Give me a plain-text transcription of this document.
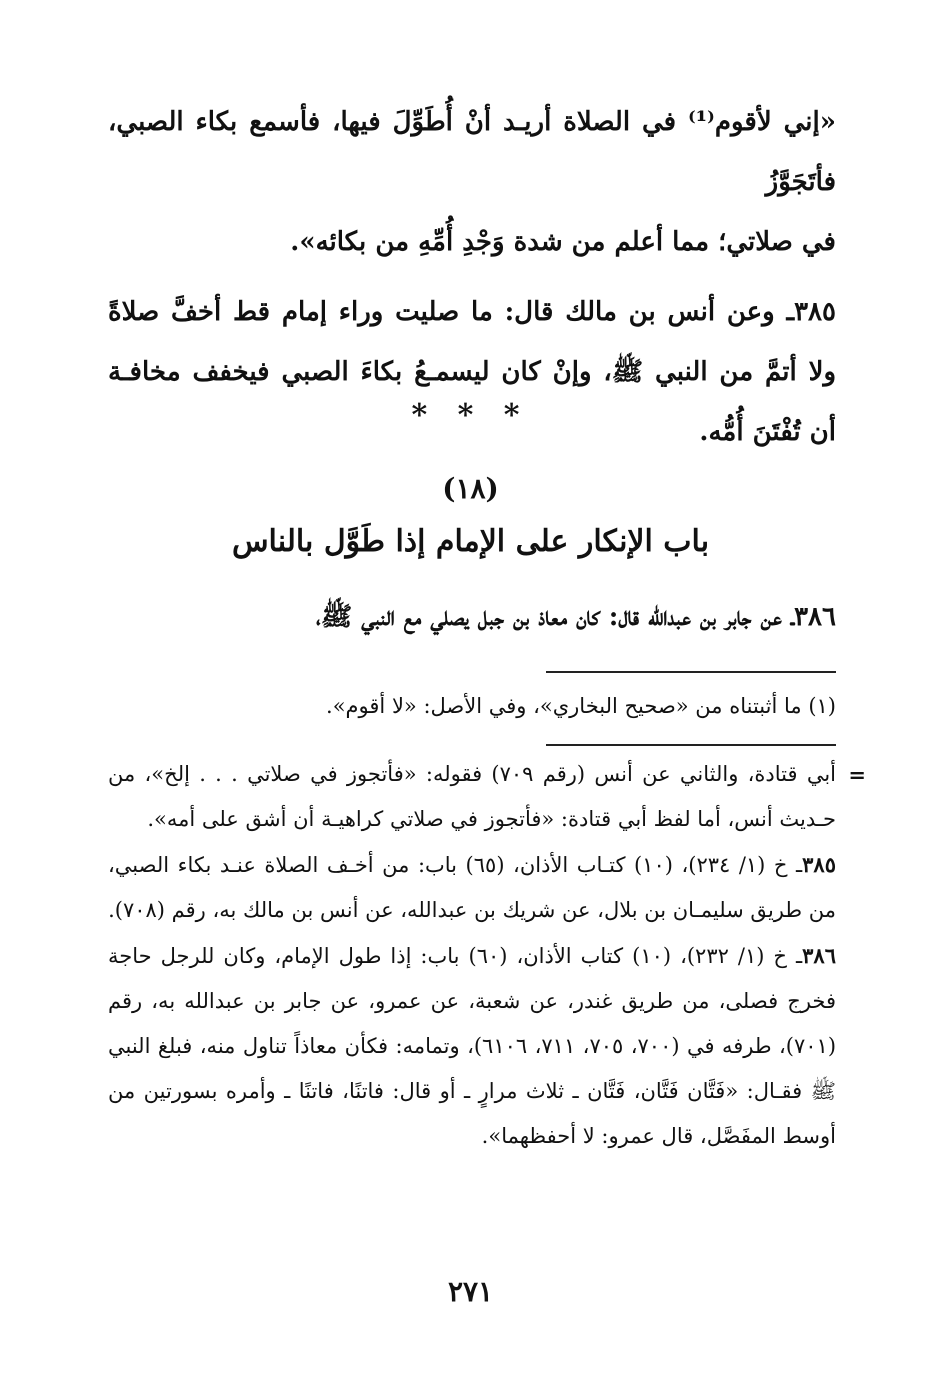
«إني لأقوم⁽¹⁾ في الصلاة أريـد أنْ أُطَوِّلَ فيها، فأسمع بكاء الصبي، فأتَجَوَّزُ
في صلاتي؛ مما أعلم من شدة وَجْدِ أُمِّهِ من بكائه».

٣٨٥ـ وعن أنس بن مالك قال: ما صليت وراء إمام قط أخفَّ صلاةً ولا أتمَّ من النبي ﷺ، وإنْ كان ليسمـعُ بكاءَ الصبي فيخفف مخافـة أن تُفْتَنَ أُمُّه.

* * *
(١٨)
باب الإنكار على الإمام إذا طَوَّل بالناس
٣٨٦ـ عن جابر بن عبدالله قال: كان معاذ بن جبل يصلي مع النبي ﷺ،
(١) ما أثبتناه من «صحيح البخاري»، وفي الأصل: «لا أقوم».
=
أبي قتادة، والثاني عن أنس (رقم ٧٠٩) فقوله: «فأتجوز في صلاتي . . . إلخ»، من حـديث أنس، أما لفظ أبي قتادة: «فأتجوز في صلاتي كراهيـة أن أشق على أمه».
٣٨٥ـ خ (١/ ٢٣٤)، (١٠) كتـاب الأذان، (٦٥) باب: من أخـف الصلاة عنـد بكاء الصبي، من طريق سليمـان بن بلال، عن شريك بن عبدالله، عن أنس بن مالك به، رقم (٧٠٨).
٣٨٦ـ خ (١/ ٢٣٢)، (١٠) كتاب الأذان، (٦٠) باب: إذا طول الإمام، وكان للرجل حاجة فخرج فصلى، من طريق غندر، عن شعبة، عن عمرو، عن جابر بن عبدالله به، رقم (٧٠١)، طرفه في (٧٠٠، ٧٠٥، ٧١١، ٦١٠٦)، وتمامه: فكأن معاذاً تناول منه، فبلغ النبي ﷺ فقـال: «فَتَّان فَتَّان، فَتَّان ـ ثلاث مرارٍ ـ أو قال: فاتنًا، فاتنًا ـ وأمره بسورتين من أوسط المفَصَّل، قال عمرو: لا أحفظهما».
٢٧١
